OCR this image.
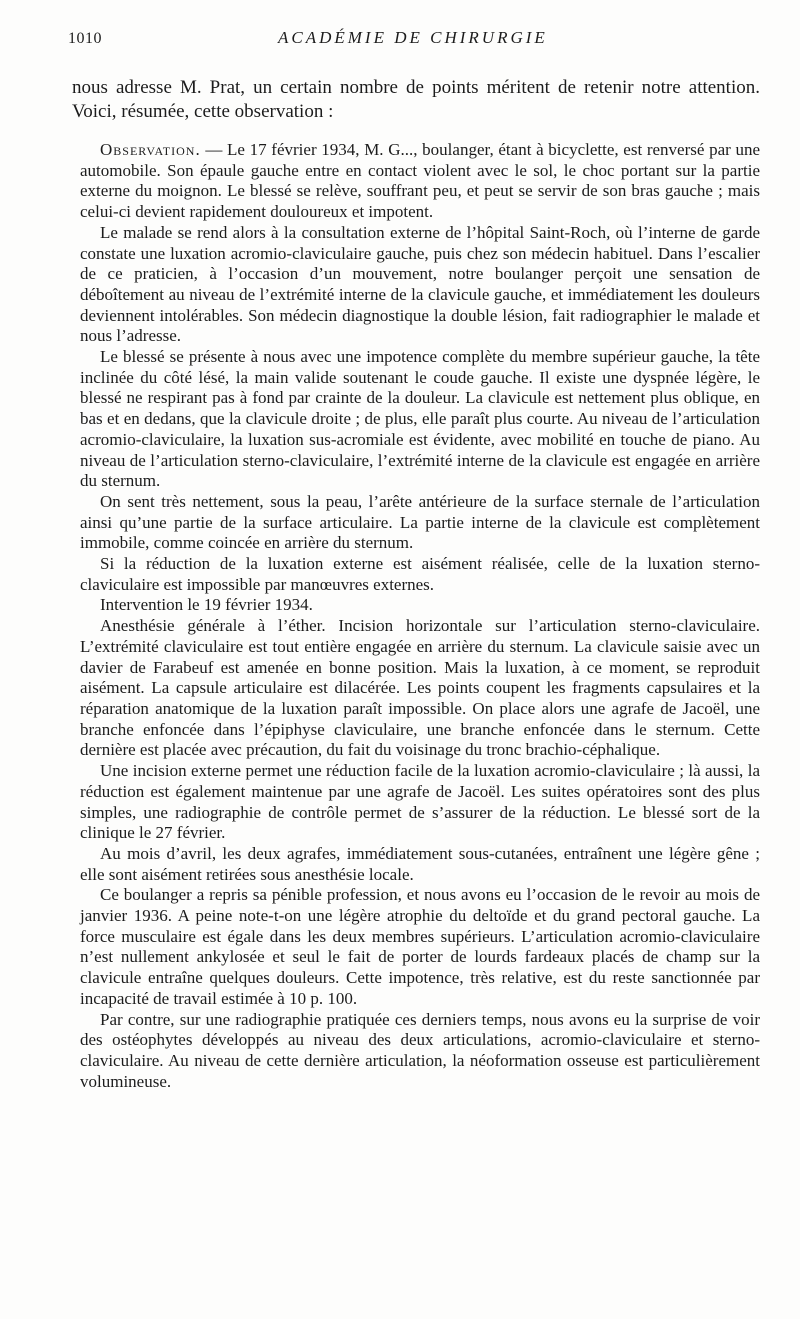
1010	ACADÉMIE DE CHIRURGIE

nous adresse M. Prat, un certain nombre de points méritent de retenir notre attention. Voici, résumée, cette observation :

Observation. — Le 17 février 1934, M. G..., boulanger, étant à bicyclette, est renversé par une automobile. Son épaule gauche entre en contact violent avec le sol, le choc portant sur la partie externe du moignon. Le blessé se relève, souffrant peu, et peut se servir de son bras gauche ; mais celui-ci devient rapidement douloureux et impotent.

Le malade se rend alors à la consultation externe de l’hôpital Saint-Roch, où l’interne de garde constate une luxation acromio-claviculaire gauche, puis chez son médecin habituel. Dans l’escalier de ce praticien, à l’occasion d’un mouvement, notre boulanger perçoit une sensation de déboîtement au niveau de l’extrémité interne de la clavicule gauche, et immédiatement les douleurs deviennent intolérables. Son médecin diagnostique la double lésion, fait radiographier le malade et nous l’adresse.

Le blessé se présente à nous avec une impotence complète du membre supérieur gauche, la tête inclinée du côté lésé, la main valide soutenant le coude gauche. Il existe une dyspnée légère, le blessé ne respirant pas à fond par crainte de la douleur. La clavicule est nettement plus oblique, en bas et en dedans, que la clavicule droite ; de plus, elle paraît plus courte. Au niveau de l’articulation acromio-claviculaire, la luxation sus-acromiale est évidente, avec mobilité en touche de piano. Au niveau de l’articulation sterno-claviculaire, l’extrémité interne de la clavicule est engagée en arrière du sternum.

On sent très nettement, sous la peau, l’arête antérieure de la surface sternale de l’articulation ainsi qu’une partie de la surface articulaire. La partie interne de la clavicule est complètement immobile, comme coincée en arrière du sternum.

Si la réduction de la luxation externe est aisément réalisée, celle de la luxation sterno-claviculaire est impossible par manœuvres externes.

Intervention le 19 février 1934.

Anesthésie générale à l’éther. Incision horizontale sur l’articulation sterno-claviculaire. L’extrémité claviculaire est tout entière engagée en arrière du sternum. La clavicule saisie avec un davier de Farabeuf est amenée en bonne position. Mais la luxation, à ce moment, se reproduit aisément. La capsule articulaire est dilacérée. Les points coupent les fragments capsulaires et la réparation anatomique de la luxation paraît impossible. On place alors une agrafe de Jacoël, une branche enfoncée dans l’épiphyse claviculaire, une branche enfoncée dans le sternum. Cette dernière est placée avec précaution, du fait du voisinage du tronc brachio-céphalique.

Une incision externe permet une réduction facile de la luxation acromio-claviculaire ; là aussi, la réduction est également maintenue par une agrafe de Jacoël. Les suites opératoires sont des plus simples, une radiographie de contrôle permet de s’assurer de la réduction. Le blessé sort de la clinique le 27 février.

Au mois d’avril, les deux agrafes, immédiatement sous-cutanées, entraînent une légère gêne ; elle sont aisément retirées sous anesthésie locale.

Ce boulanger a repris sa pénible profession, et nous avons eu l’occasion de le revoir au mois de janvier 1936. A peine note-t-on une légère atrophie du deltoïde et du grand pectoral gauche. La force musculaire est égale dans les deux membres supérieurs. L’articulation acromio-claviculaire n’est nullement ankylosée et seul le fait de porter de lourds fardeaux placés de champ sur la clavicule entraîne quelques douleurs. Cette impotence, très relative, est du reste sanctionnée par incapacité de travail estimée à 10 p. 100.

Par contre, sur une radiographie pratiquée ces derniers temps, nous avons eu la surprise de voir des ostéophytes développés au niveau des deux articulations, acromio-claviculaire et sterno-claviculaire. Au niveau de cette dernière articulation, la néoformation osseuse est particulièrement volumineuse.
